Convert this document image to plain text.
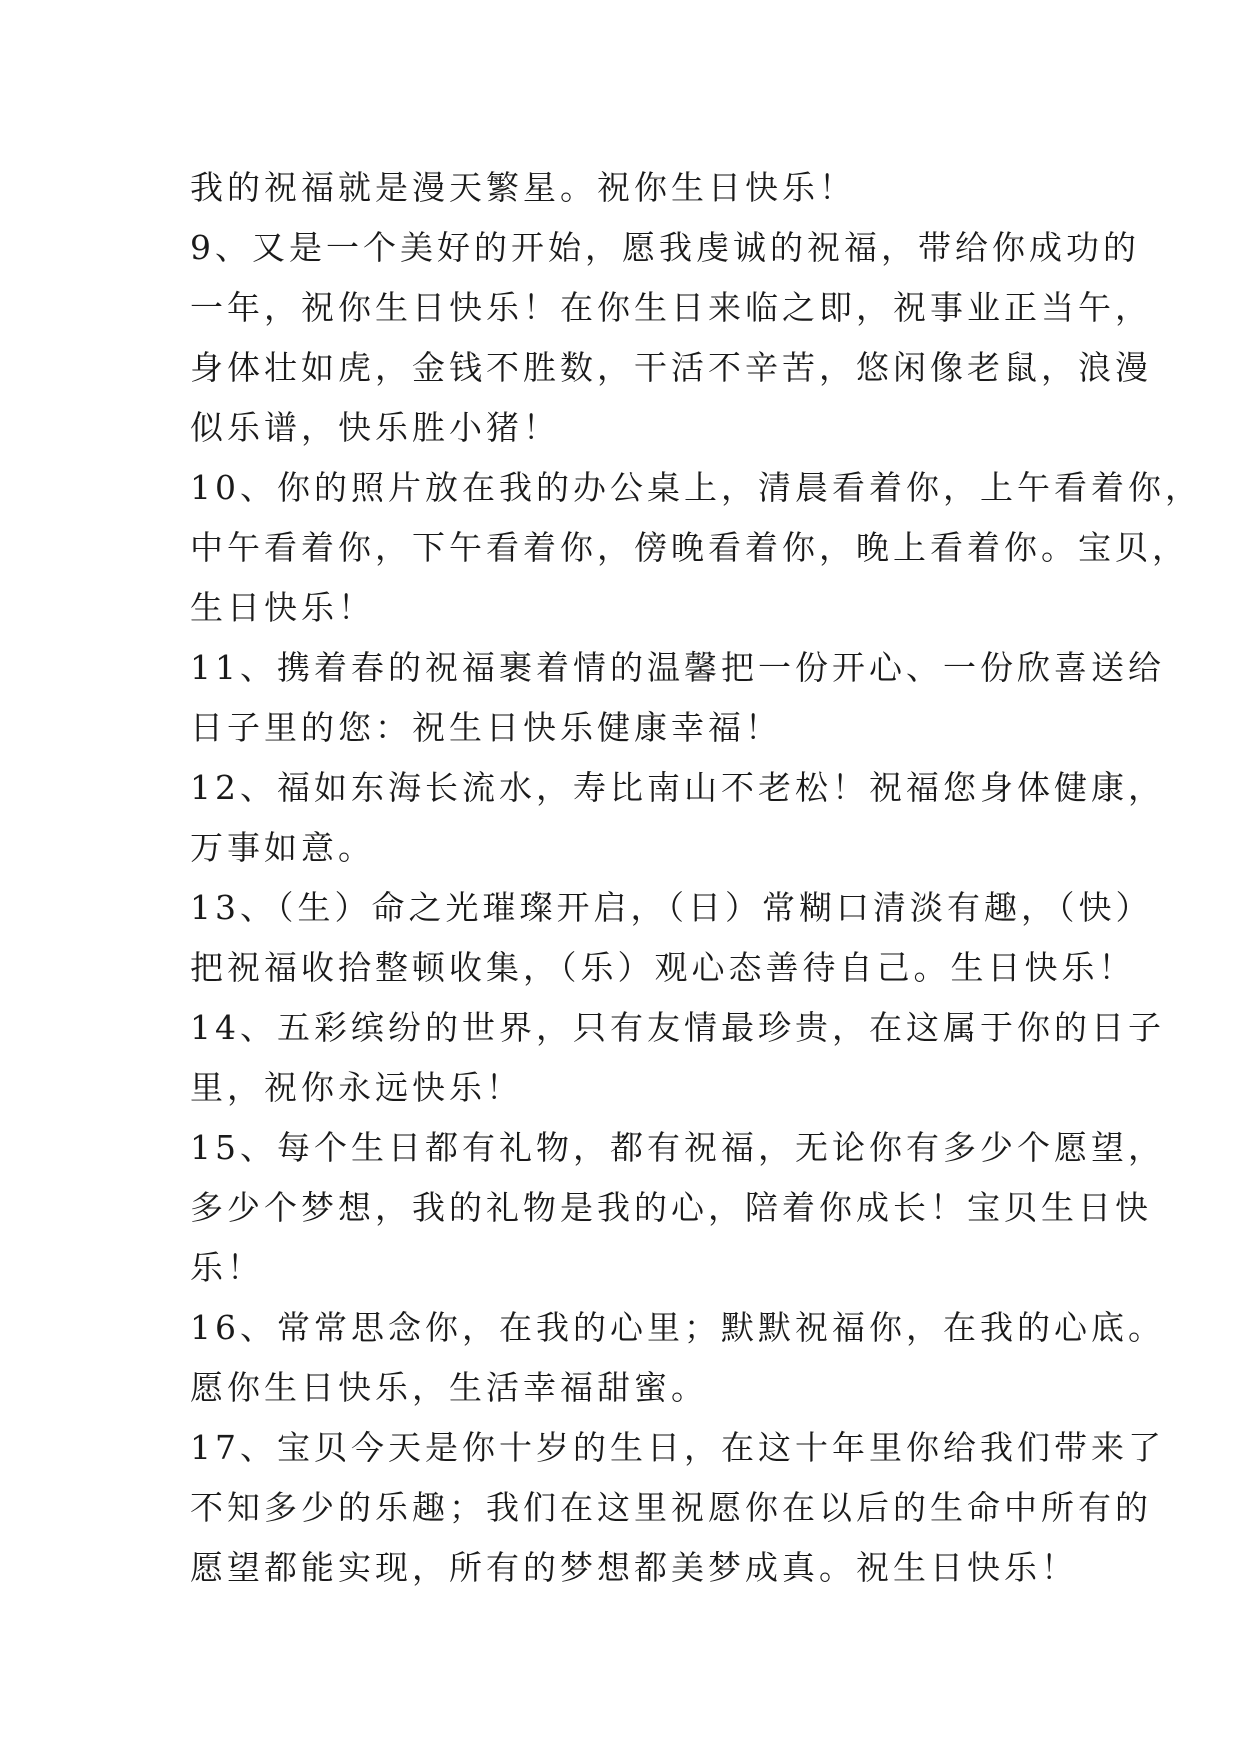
我的祝福就是漫天繁星。祝你生日快乐！
9、又是一个美好的开始，愿我虔诚的祝福，带给你成功的
一年，祝你生日快乐！在你生日来临之即，祝事业正当午，
身体壮如虎，金钱不胜数，干活不辛苦，悠闲像老鼠，浪漫
似乐谱，快乐胜小猪！
10、你的照片放在我的办公桌上，清晨看着你，上午看着你，
中午看着你，下午看着你，傍晚看着你，晚上看着你。宝贝，
生日快乐！
11、携着春的祝福裹着情的温馨把一份开心、一份欣喜送给
日子里的您：祝生日快乐健康幸福！
12、福如东海长流水，寿比南山不老松！祝福您身体健康，
万事如意。
13、（生）命之光璀璨开启，（日）常糊口清淡有趣，（快）
把祝福收拾整顿收集，（乐）观心态善待自己。生日快乐！
14、五彩缤纷的世界，只有友情最珍贵，在这属于你的日子
里，祝你永远快乐！
15、每个生日都有礼物，都有祝福，无论你有多少个愿望，
多少个梦想，我的礼物是我的心，陪着你成长！宝贝生日快
乐！
16、常常思念你，在我的心里；默默祝福你，在我的心底。
愿你生日快乐，生活幸福甜蜜。
17、宝贝今天是你十岁的生日，在这十年里你给我们带来了
不知多少的乐趣；我们在这里祝愿你在以后的生命中所有的
愿望都能实现，所有的梦想都美梦成真。祝生日快乐！
